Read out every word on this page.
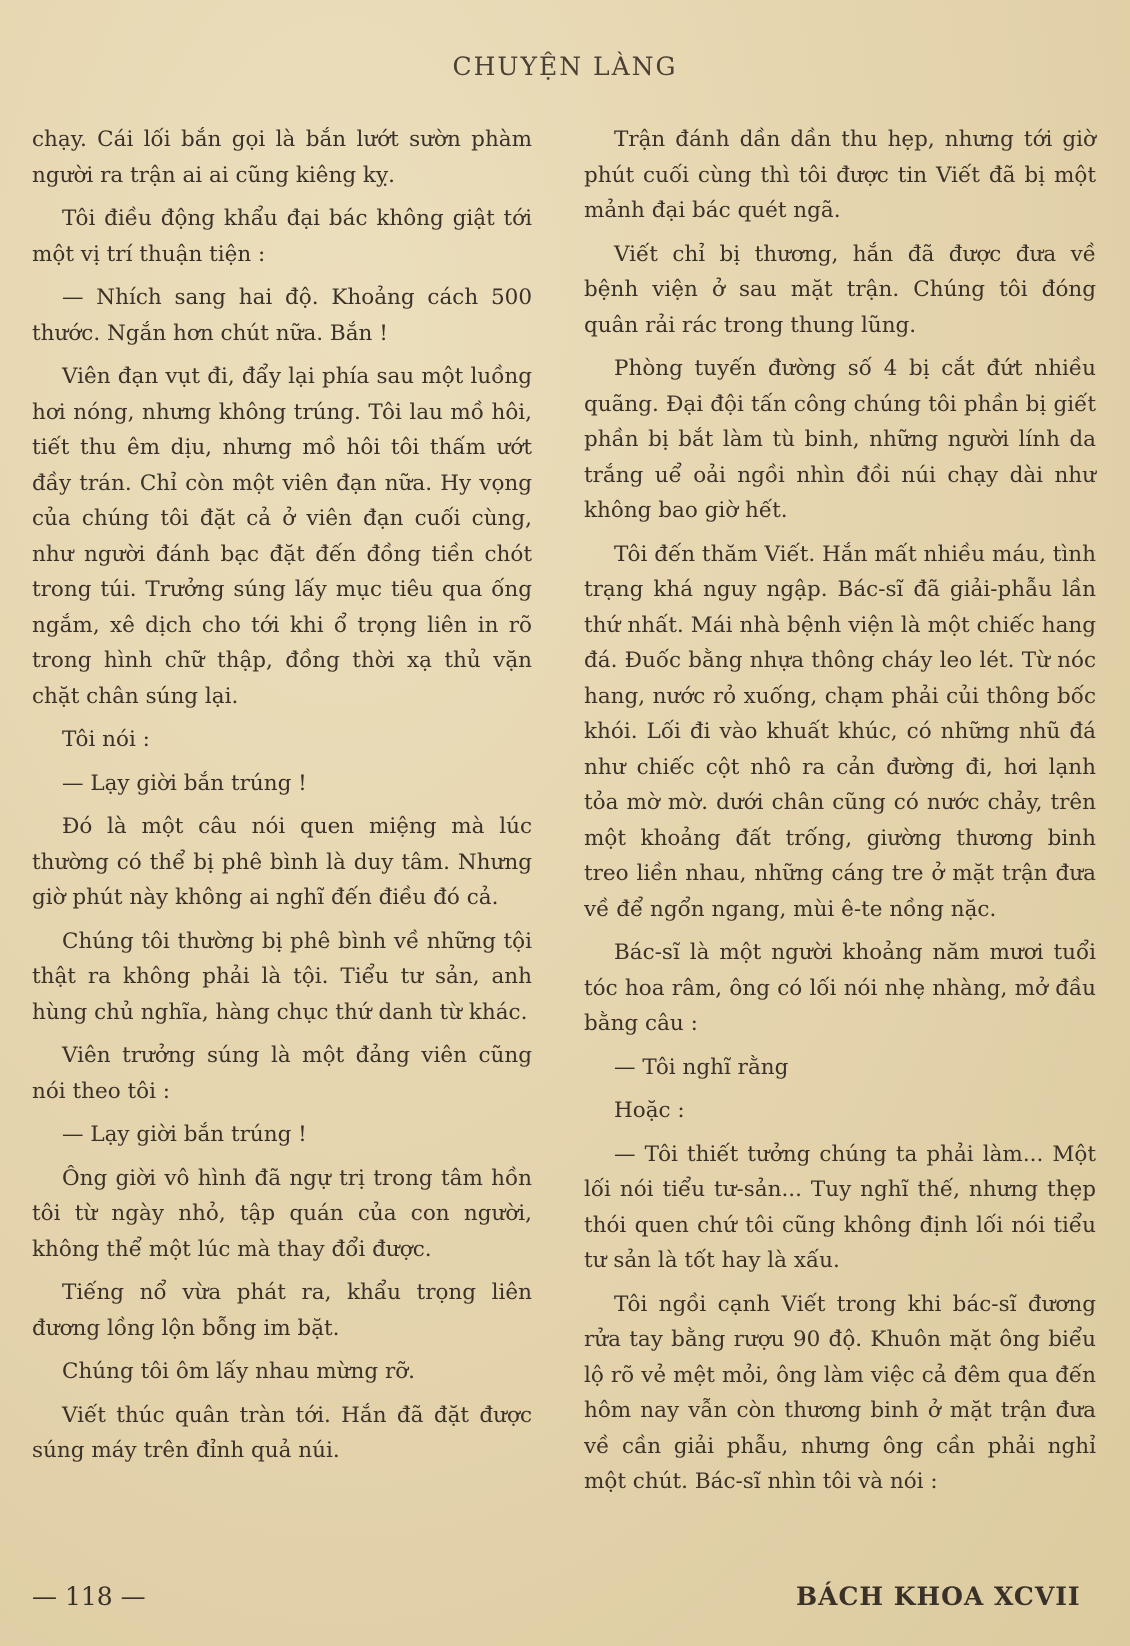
CHUYỆN LÀNG

chạy. Cái lối bắn gọi là bắn lướt sườn phàm người ra trận ai ai cũng kiêng kỵ.

Tôi điều động khẩu đại bác không giật tới một vị trí thuận tiện :

— Nhích sang hai độ. Khoảng cách 500 thước. Ngắn hơn chút nữa. Bắn !

Viên đạn vụt đi, đẩy lại phía sau một luồng hơi nóng, nhưng không trúng. Tôi lau mồ hôi, tiết thu êm dịu, nhưng mồ hôi tôi thấm ướt đầy trán. Chỉ còn một viên đạn nữa. Hy vọng của chúng tôi đặt cả ở viên đạn cuối cùng, như người đánh bạc đặt đến đồng tiền chót trong túi. Trưởng súng lấy mục tiêu qua ống ngắm, xê dịch cho tới khi ổ trọng liên in rõ trong hình chữ thập, đồng thời xạ thủ vặn chặt chân súng lại.

Tôi nói :

— Lạy giời bắn trúng !

Đó là một câu nói quen miệng mà lúc thường có thể bị phê bình là duy tâm. Nhưng giờ phút này không ai nghĩ đến điều đó cả.

Chúng tôi thường bị phê bình về những tội thật ra không phải là tội. Tiểu tư sản, anh hùng chủ nghĩa, hàng chục thứ danh từ khác.

Viên trưởng súng là một đảng viên cũng nói theo tôi :

— Lạy giời bắn trúng !

Ông giời vô hình đã ngự trị trong tâm hồn tôi từ ngày nhỏ, tập quán của con người, không thể một lúc mà thay đổi được.

Tiếng nổ vừa phát ra, khẩu trọng liên đương lồng lộn bỗng im bặt.

Chúng tôi ôm lấy nhau mừng rỡ.

Viết thúc quân tràn tới. Hắn đã đặt được súng máy trên đỉnh quả núi.

Trận đánh dần dần thu hẹp, nhưng tới giờ phút cuối cùng thì tôi được tin Viết đã bị một mảnh đại bác quét ngã.

Viết chỉ bị thương, hắn đã được đưa về bệnh viện ở sau mặt trận. Chúng tôi đóng quân rải rác trong thung lũng.

Phòng tuyến đường số 4 bị cắt đứt nhiều quãng. Đại đội tấn công chúng tôi phần bị giết phần bị bắt làm tù binh, những người lính da trắng uể oải ngồi nhìn đồi núi chạy dài như không bao giờ hết.

Tôi đến thăm Viết. Hắn mất nhiều máu, tình trạng khá nguy ngập. Bác-sĩ đã giải-phẫu lần thứ nhất. Mái nhà bệnh viện là một chiếc hang đá. Đuốc bằng nhựa thông cháy leo lét. Từ nóc hang, nước rỏ xuống, chạm phải củi thông bốc khói. Lối đi vào khuất khúc, có những nhũ đá như chiếc cột nhô ra cản đường đi, hơi lạnh tỏa mờ mờ. dưới chân cũng có nước chảy, trên một khoảng đất trống, giường thương binh treo liền nhau, những cáng tre ở mặt trận đưa về để ngổn ngang, mùi ê-te nồng nặc.

Bác-sĩ là một người khoảng năm mươi tuổi tóc hoa râm, ông có lối nói nhẹ nhàng, mở đầu bằng câu :

— Tôi nghĩ rằng

Hoặc :

— Tôi thiết tưởng chúng ta phải làm... Một lối nói tiểu tư-sản... Tuy nghĩ thế, nhưng thẹp thói quen chứ tôi cũng không định lối nói tiểu tư sản là tốt hay là xấu.

Tôi ngồi cạnh Viết trong khi bác-sĩ đương rửa tay bằng rượu 90 độ. Khuôn mặt ông biểu lộ rõ vẻ mệt mỏi, ông làm việc cả đêm qua đến hôm nay vẫn còn thương binh ở mặt trận đưa về cần giải phẫu, nhưng ông cần phải nghỉ một chút. Bác-sĩ nhìn tôi và nói :

— 118 —	BÁCH KHOA XCVII
